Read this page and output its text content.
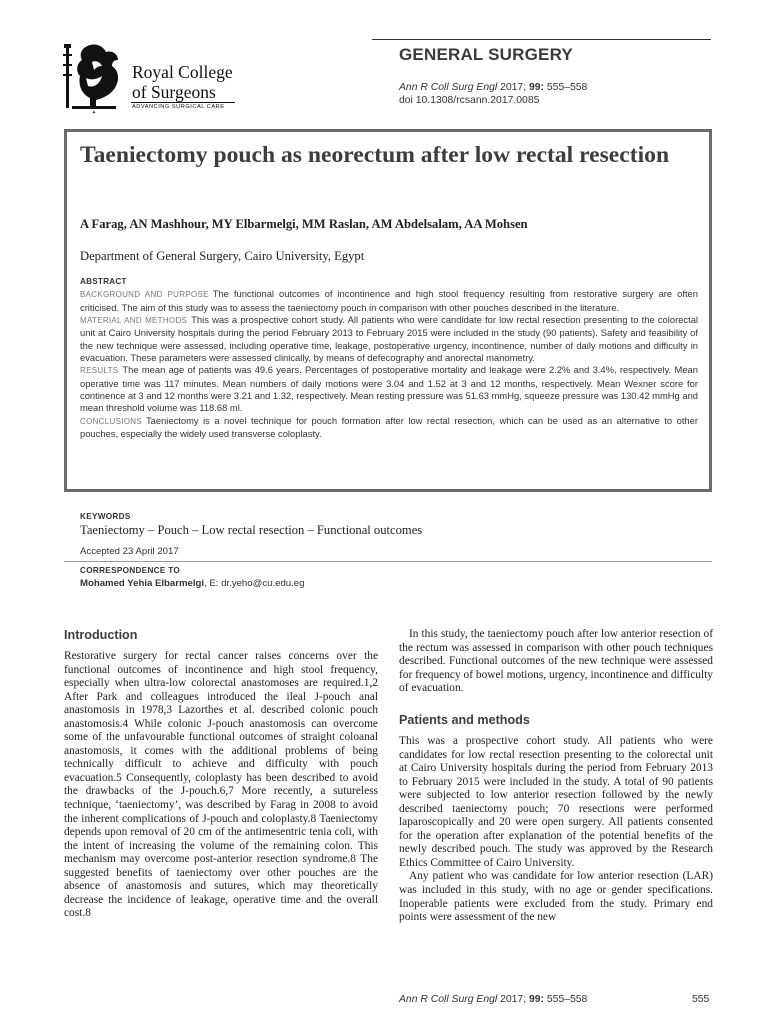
✦
Royal College
of Surgeons
ADVANCING SURGICAL CARE
GENERAL SURGERY
Ann R Coll Surg Engl 2017; 99: 555–558
doi 10.1308/rcsann.2017.0085
Taeniectomy pouch as neorectum after low rectal resection
A Farag, AN Mashhour, MY Elbarmelgi, MM Raslan, AM Abdelsalam, AA Mohsen
Department of General Surgery, Cairo University, Egypt
ABSTRACT

BACKGROUND AND PURPOSE The functional outcomes of incontinence and high stool frequency resulting from restorative surgery are often criticised. The aim of this study was to assess the taeniectomy pouch in comparison with other pouches described in the literature.

MATERIAL AND METHODS This was a prospective cohort study. All patients who were candidate for low rectal resection presenting to the colorectal unit at Cairo University hospitals during the period February 2013 to February 2015 were included in the study (90 patients). Safety and feasibility of the new technique were assessed, including operative time, leakage, postoperative urgency, incontinence, number of daily motions and difficulty in evacuation. These parameters were assessed clinically, by means of defecography and anorectal manometry.

RESULTS The mean age of patients was 49.6 years. Percentages of postoperative mortality and leakage were 2.2% and 3.4%, respectively. Mean operative time was 117 minutes. Mean numbers of daily motions were 3.04 and 1.52 at 3 and 12 months, respectively. Mean Wexner score for continence at 3 and 12 months were 3.21 and 1.32, respectively. Mean resting pressure was 51.63 mmHg, squeeze pressure was 130.42 mmHg and mean threshold volume was 118.68 ml.

CONCLUSIONS Taeniectomy is a novel technique for pouch formation after low rectal resection, which can be used as an alternative to other pouches, especially the widely used transverse coloplasty.

KEYWORDS
Taeniectomy – Pouch – Low rectal resection – Functional outcomes
Accepted 23 April 2017
CORRESPONDENCE TO
Mohamed Yehia Elbarmelgi, E: dr.yeho@cu.edu.eg
Introduction

Restorative surgery for rectal cancer raises concerns over the functional outcomes of incontinence and high stool frequency, especially when ultra-low colorectal anastomoses are required.1,2 After Park and colleagues introduced the ileal J-pouch anal anastomosis in 1978,3 Lazorthes et al. described colonic pouch anastomosis.4 While colonic J-pouch anastomosis can overcome some of the unfavourable functional outcomes of straight coloanal anastomosis, it comes with the additional problems of being technically difficult to achieve and difficulty with pouch evacuation.5 Consequently, coloplasty has been described to avoid the drawbacks of the J-pouch.6,7 More recently, a sutureless technique, ‘taeniectomy’, was described by Farag in 2008 to avoid the inherent complications of J-pouch and coloplasty.8 Taeniectomy depends upon removal of 20 cm of the antimesentric tenia coli, with the intent of increasing the volume of the remaining colon. This mechanism may overcome post-anterior resection syndrome.8 The suggested benefits of taeniectomy over other pouches are the absence of anastomosis and sutures, which may theoretically decrease the incidence of leakage, operative time and the overall cost.8

In this study, the taeniectomy pouch after low anterior resection of the rectum was assessed in comparison with other pouch techniques described. Functional outcomes of the new technique were assessed for frequency of bowel motions, urgency, incontinence and difficulty of evacuation.

Patients and methods

This was a prospective cohort study. All patients who were candidates for low rectal resection presenting to the colorectal unit at Cairo University hospitals during the period from February 2013 to February 2015 were included in the study. A total of 90 patients were subjected to low anterior resection followed by the newly described taeniectomy pouch; 70 resections were performed laparoscopically and 20 were open surgery. All patients consented for the operation after explanation of the potential benefits of the newly described pouch. The study was approved by the Research Ethics Committee of Cairo University.

Any patient who was candidate for low anterior resection (LAR) was included in this study, with no age or gender specifications. Inoperable patients were excluded from the study. Primary end points were assessment of the new

Ann R Coll Surg Engl 2017; 99: 555–558	555
